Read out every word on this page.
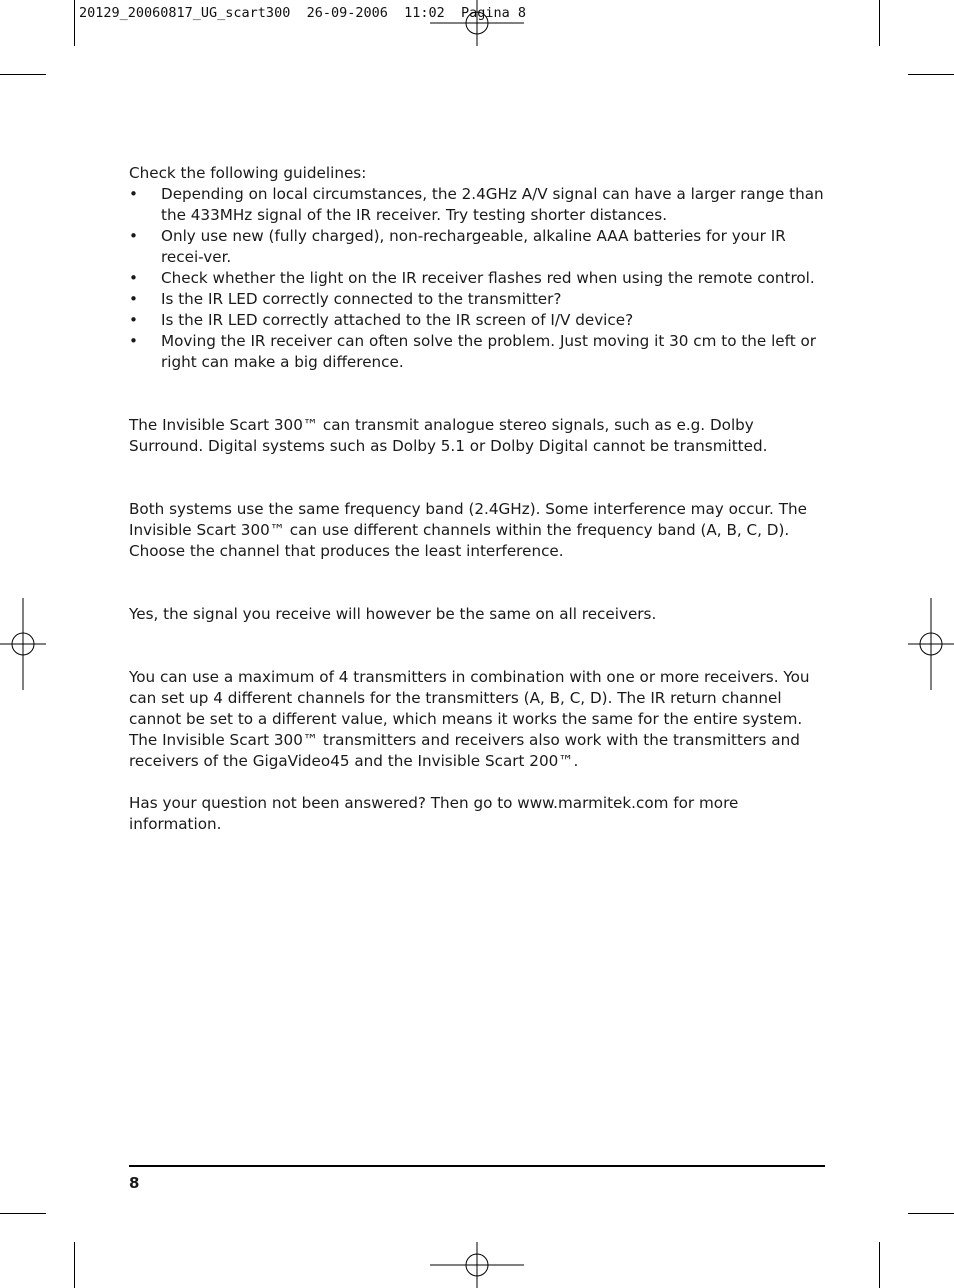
20129_20060817_UG_scart300  26-09-2006  11:02  Pagina 8

Check the following guidelines:

• Depending on local circumstances, the 2.4GHz A/V signal can have a larger range than the 433MHz signal of the IR receiver. Try testing shorter distances.
• Only use new (fully charged), non-rechargeable, alkaline AAA batteries for your IR recei-ver.
• Check whether the light on the IR receiver flashes red when using the remote control.
• Is the IR LED correctly connected to the transmitter?
• Is the IR LED correctly attached to the IR screen of I/V device?
• Moving the IR receiver can often solve the problem. Just moving it 30 cm to the left or right can make a big difference.

The Invisible Scart 300™ can transmit analogue stereo signals, such as e.g. Dolby Surround. Digital systems such as Dolby 5.1 or Dolby Digital cannot be transmitted.

Both systems use the same frequency band (2.4GHz). Some interference may occur. The Invisible Scart 300™ can use different channels within the frequency band (A, B, C, D). Choose the channel that produces the least interference.

Yes, the signal you receive will however be the same on all receivers.

You can use a maximum of 4 transmitters in combination with one or more receivers. You can set up 4 different channels for the transmitters (A, B, C, D). The IR return channel cannot be set to a different value, which means it works the same for the entire system. The Invisible Scart 300™ transmitters and receivers also work with the transmitters and receivers of the GigaVideo45 and the Invisible Scart 200™.

Has your question not been answered? Then go to www.marmitek.com for more information.

8
